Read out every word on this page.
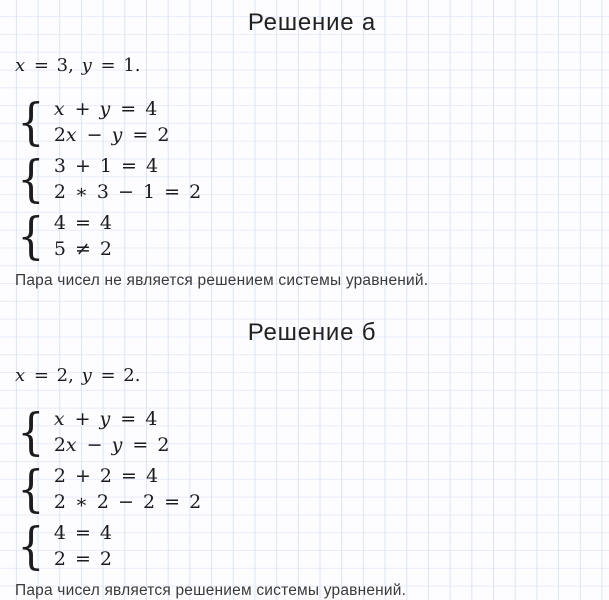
Решение а
x = 3, y = 1.
{ x + y = 4
2x − y = 2
{ 3 + 1 = 4
2 ∗ 3 − 1 = 2
{ 4 = 4
5 ≠ 2
Пара чисел не является решением системы уравнений.
Решение б
x = 2, y = 2.
{ x + y = 4
2x − y = 2
{ 2 + 2 = 4
2 ∗ 2 − 2 = 2
{ 4 = 4
2 = 2
Пара чисел является решением системы уравнений.
